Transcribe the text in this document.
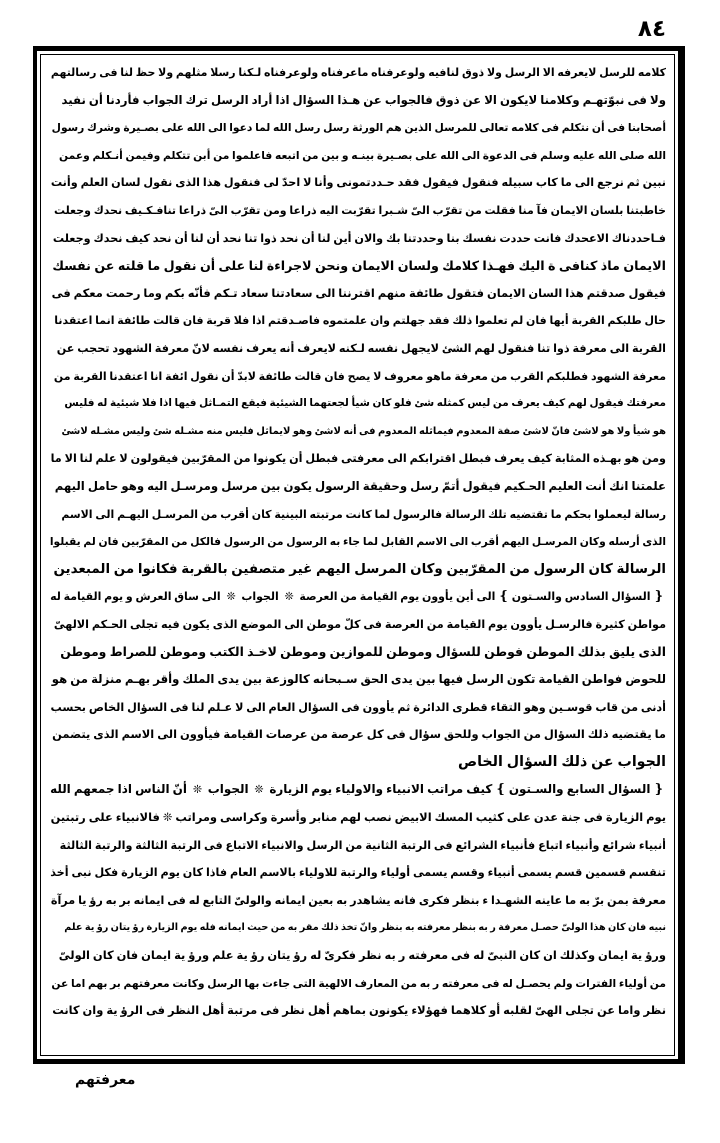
٨٤
كلامه للرسل لايعرفه الا الرسل ولا ذوق لنافيه ولوعرفناه ماعرفناه ولوعرفناه لـكنا رسلا مثلهم ولا حظ لنا فى رسالتهم
ولا فى نبوّتهـم وكلامنا لايكون الا عن ذوق فالجواب عن هـذا السؤال اذا أراد الرسل ترك الجواب فأردنا أن نفيد
أصحابنا فى أن نتكلم فى كلامه تعالى للمرسل الذين هم الورثة رسل رسل الله لما دعوا الى الله على بصـيرة وشرك رسول
الله صلى الله عليه وسلم فى الدعوة الى الله على بصـيرة بينـه و بين من اتبعه فاعلموا من أبن تتكلم وفيمن أنـكلم وعمن
نبين ثم نرجع الى ما كاب سبيله فنقول فيقول فقد حـددتمونى وأنا لا احدّ لى فنقول هذا الذى نقول لسان العلم وأنت
خاطبتنا بلسان الايمان فآ منا فقلت من تقرّب الىّ شـبرا تقرّبت اليه ذراعا ومن تقرّب الىّ ذراعا تنافـكـيف نحدك وجعلت
فـاحددناك الاعحدك فانت حددت نفسك بنا وحددتنا بك والان أين لنا أن نحد ذوا تنا نحد أن لنا أن نحد كيف نحدك وجعلت
الايمان ماذ كنافى ة اليك فهـذا كلامك ولسان الايمان ونحن لاجراءة لنا على أن نقول ما قلته عن نفسك
فيقول صدقتم هذا السان الايمان فتقول طائفة منهم اقترننا الى سعادتنا سعاد تـكم فأنّه بكم وما رحمت معكم فى
حال طلبكم القربة أيها فان لم تعلموا ذلك فقد جهلتم وان علمتموه فاصـدقتم اذا فلا قربة فان قالت طائفة انما اعتقدنا
القربة الى معرفة ذوا تنا فنقول لهم الشئ لايجهل نفسه لـكنه لايعرف أنه يعرف نفسه لانّ معرفة الشهود تحجب عن
معرفة الشهود فطلبكم القرب من معرفة ماهو معروف لا يصح فان قالت طائفة لابدّ أن نقول ائفة انا اعتقدنا القربة من
معرفتك فيقول لهم كيف يعرف من ليس كمثله شئ فلو كان شيأ لجعتهما الشيئية فيقع التمـاثل فيها اذا فلا شيئية له فليس
هو شيأ ولا هو لاشئ فانّ لاشئ صفة المعدوم فيماثله المعدوم فى أنه لاشئ وهو لايماثل فليس منه مشـله شئ وليس مشـله لاشئ
ومن هو بهـذه المثابة كيف يعرف فبطل اقترابكم الى معرفتى فبطل أن يكونوا من المقرّبين فيقولون لا علم لنا الا ما
علمتنا انك أنت العليم الحـكيم فيقول أتمّ رسل وحقيقة الرسول يكون بين مرسل ومرسـل اليه وهو حامل اليهم
رسالة ليعملوا بحكم ما تقتضيه تلك الرسالة فالرسول لما كانت مرتبته البينية كان أقرب من المرسـل اليهـم الى الاسم
الذى أرسله وكان المرسـل اليهم أقرب الى الاسم القابل لما جاء به الرسول من الرسول فالكل من المقرّبين فان لم يقبلوا
الرسالة كان الرسول من المقرّبين وكان المرسل اليهم غير متصفين بالقربة فكانوا من المبعدين
❴
السؤال السادس والسـتون
❵
الى أين يأوون يوم القيامة من العرصة
❊
الجواب
❊
الى ساق العرش و يوم القيامة له
مواطن كثيرة فالرسـل يأوون يوم القيامة من العرصة فى كلّ موطن الى الموضع الذى يكون فيه تجلى الحـكم الالهىّ
الذى يليق بذلك الموطن فوطن للسؤال وموطن للموازين وموطن لاخـذ الكتب وموطن للصراط وموطن
للحوض فواطن القيامة تكون الرسل فيها بين يدى الحق سـبحانه كالوزعة بين يدى الملك وأقر بهـم منزلة من هو
أدنى من قاب قوسـين وهو التقاء قطرى الدائرة ثم يأوون فى السؤال العام الى لا عـلم لنا فى السؤال الخاص بحسب
ما يقتضيه ذلك السؤال من الجواب وللحق سؤال فى كل عرصة من عرصات القيامة فيأوون الى الاسم الذى يتضمن
الجواب عن ذلك السؤال الخاص
❴
السؤال السابع والسـتون
❵
كيف مراتب الانبياء والاولياء يوم الزيارة
❊
الجواب
❊
أنّ الناس اذا جمعهم الله
يوم الزيارة فى جنة عدن على كثيب المسك الابيض نصب لهم منابر وأسرة وكراسى ومراتب ❊ فالانبياء على رتبتين
أنبياء شرائع وأنبياء اتباع فأنبياء الشرائع فى الرتبة الثانية من الرسل والانبياء الاتباع فى الرتبة الثالثة والرتبة الثالثة
تنقسم قسمين قسم يسمى أنبياء وقسم يسمى أولياء والرتبة للاولياء بالاسم العام فاذا كان يوم الزيارة فكل نبى أخذ
معرفة بمن برّ به ما عاينه الشهـدا ء بنظر فكرى فانه يشاهدر به بعين ايمانه والولىّ التابع له فى ايمانه بر به رؤ يا مرآة
نبيه فان كان هذا الولىّ حصـل معرفة ر به بنظر معرفته به بنظر وانّ تخذ ذلك مقر به من حيث ايمانه فله يوم الزيارة رؤ يتان رؤ ية علم
ورؤ ية ايمان وكذلك ان كان النبىّ له فى معرفته ر به نظر فكرىّ له رؤ يتان رؤ ية علم ورؤ ية ايمان فان كان الولىّ
من أولياء الفترات ولم يحصـل له فى معرفته ر به من المعارف الالهية التى جاءت بها الرسل وكانت معرفتهم بر بهم اما عن
نظر واما عن تجلى الهىّ لقلبه أو كلاهما فهؤلاء يكونون بماهم أهل نظر فى مرتبة أهل النظر فى الرؤ ية وان كانت
معرفتهم
